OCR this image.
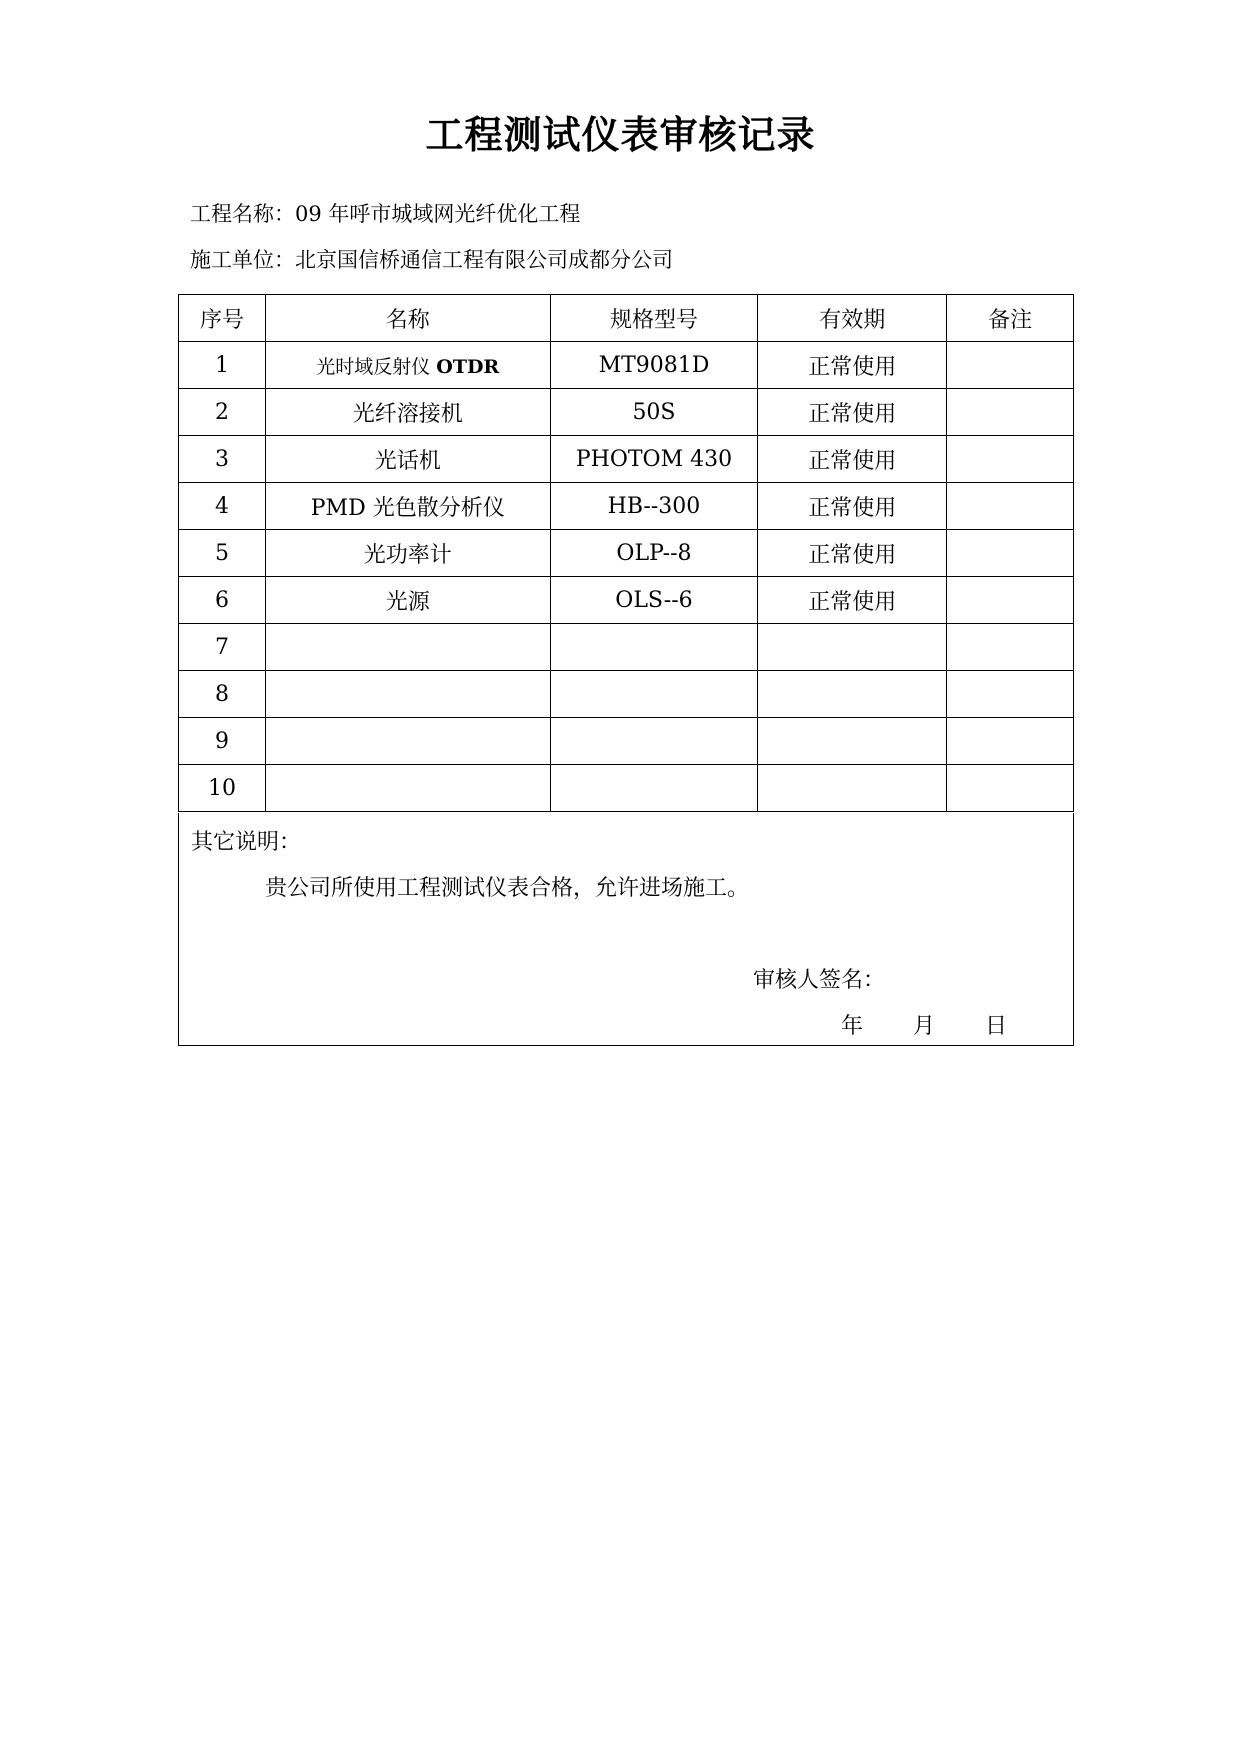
工程测试仪表审核记录
工程名称：09 年呼市城域网光纤优化工程
施工单位：北京国信桥通信工程有限公司成都分公司
序号	名称	规格型号	有效期	备注
1	光时域反射仪 OTDR	MT9081D	正常使用	
2	光纤溶接机	50S	正常使用	
3	光话机	PHOTOM 430	正常使用	
4	PMD 光色散分析仪	HB--300	正常使用	
5	光功率计	OLP--8	正常使用	
6	光源	OLS--6	正常使用	
7				
8				
9				
10				
其它说明：
贵公司所使用工程测试仪表合格，允许进场施工。
审核人签名：
年 月 日
